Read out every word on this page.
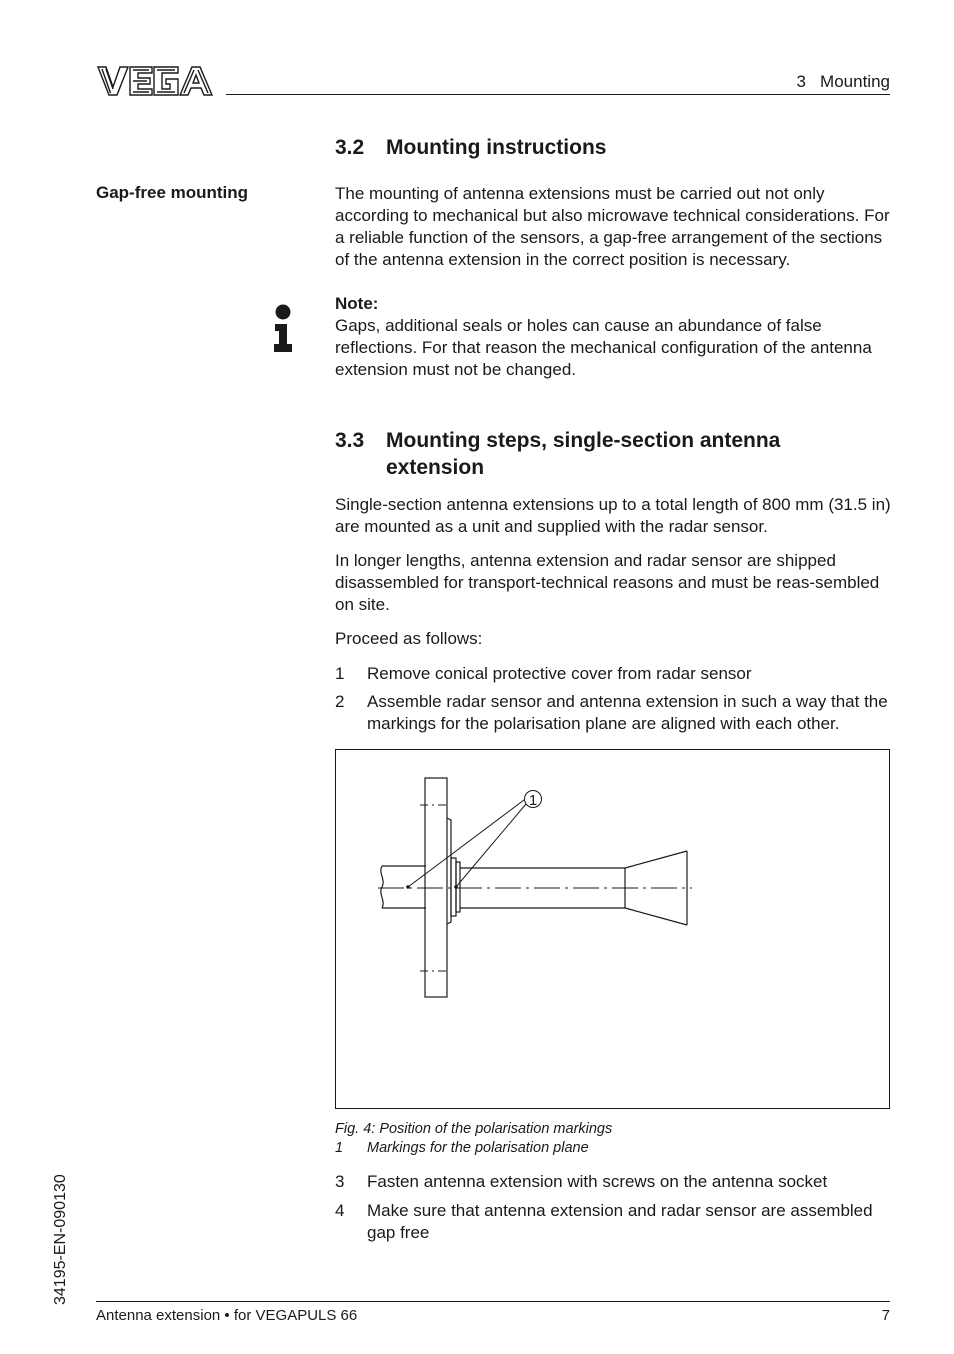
3   Mounting
3.2 Mounting instructions
Gap-free mounting	The mounting of antenna extensions must be carried out not only according to mechanical but also microwave technical considerations. For a reliable function of the sensors, a gap-free arrangement of the sections of the antenna extension in the correct position is necessary.

Note:

Gaps, additional seals or holes can cause an abundance of false reflections. For that reason the mechanical configuration of the antenna extension must not be changed.

3.3 Mounting steps, single-section antenna
extension

Single-section antenna extensions up to a total length of 800 mm (31.5 in) are mounted as a unit and supplied with the radar sensor.

In longer lengths, antenna extension and radar sensor are shipped disassembled for transport-technical reasons and must be reas-sembled on site.

Proceed as follows:

1 Remove conical protective cover from radar sensor
2 Assemble radar sensor and antenna extension in such a way that the markings for the polarisation plane are aligned with each other.
1
Fig. 4: Position of the polarisation markings
1 Markings for the polarisation plane
3 Fasten antenna extension with screws on the antenna socket
4 Make sure that antenna extension and radar sensor are assembled gap free
34195-EN-090130
Antenna extension • for VEGAPULS 66	7
